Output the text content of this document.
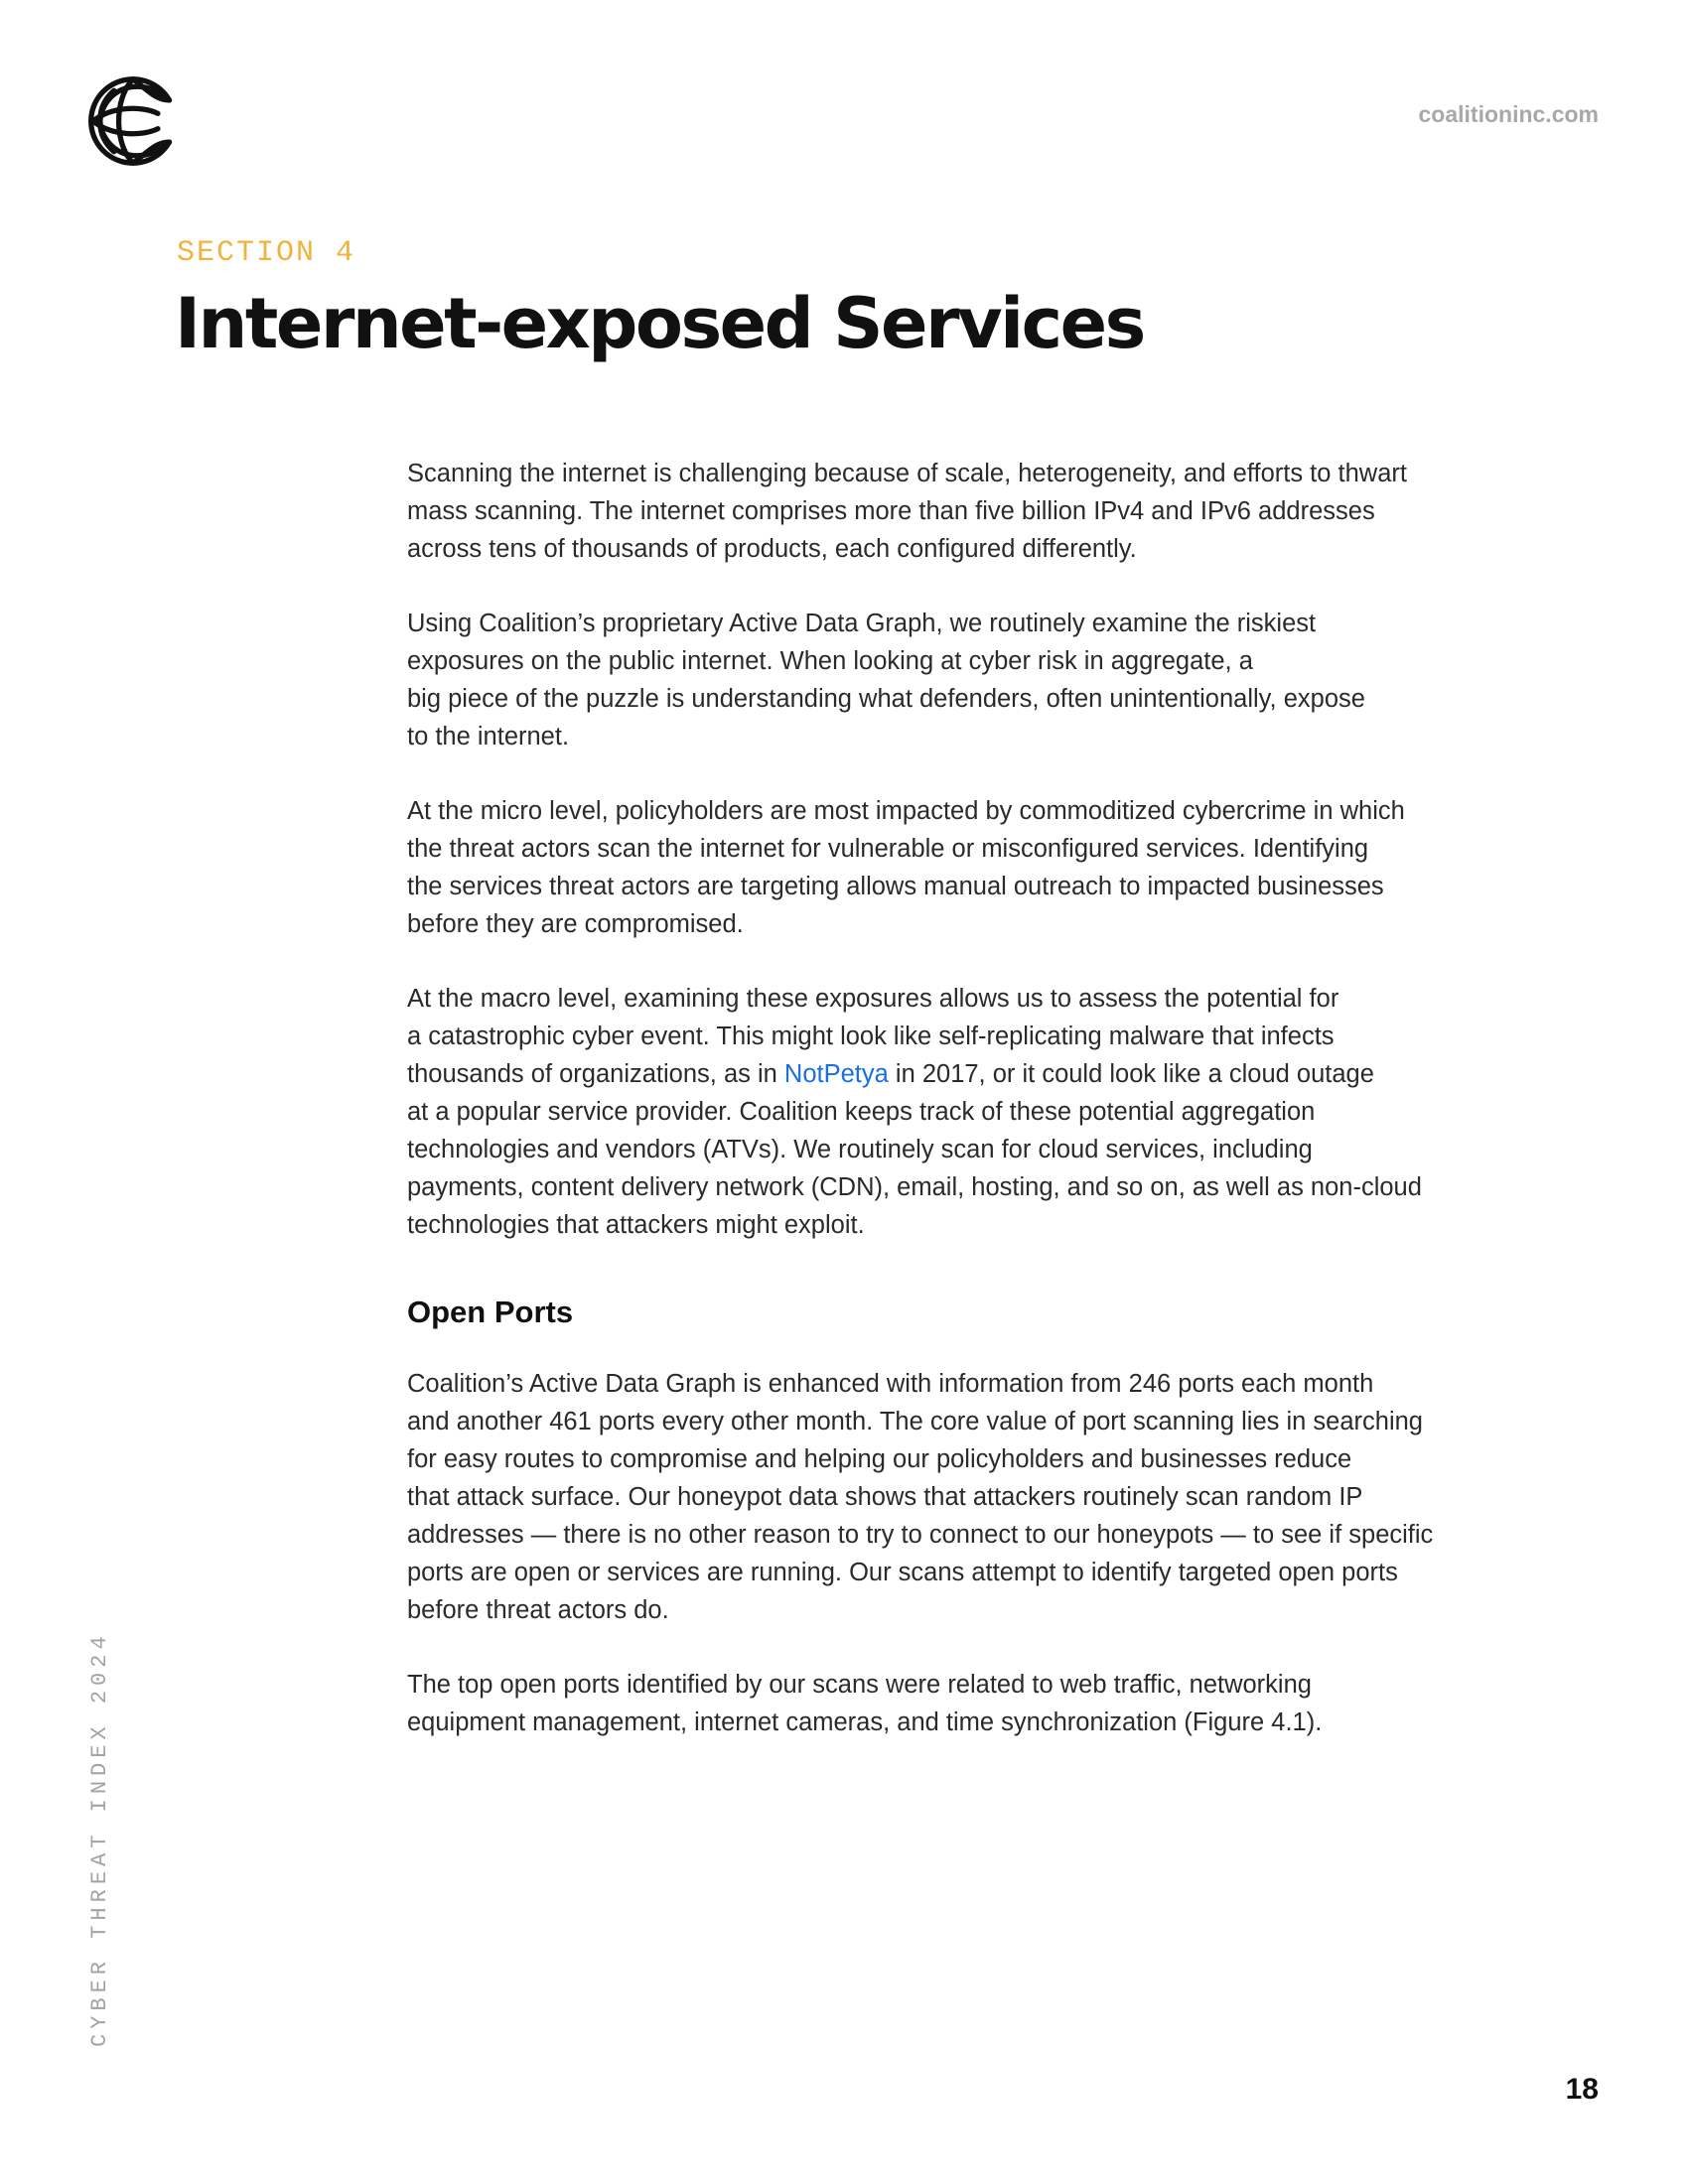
coalitioninc.com

SECTION 4

Internet-exposed Services

Scanning the internet is challenging because of scale, heterogeneity, and efforts to thwart
mass scanning. The internet comprises more than five billion IPv4 and IPv6 addresses
across tens of thousands of products, each configured differently.

Using Coalition’s proprietary Active Data Graph, we routinely examine the riskiest
exposures on the public internet. When looking at cyber risk in aggregate, a
big piece of the puzzle is understanding what defenders, often unintentionally, expose
to the internet.

At the micro level, policyholders are most impacted by commoditized cybercrime in which
the threat actors scan the internet for vulnerable or misconfigured services. Identifying
the services threat actors are targeting allows manual outreach to impacted businesses
before they are compromised.

At the macro level, examining these exposures allows us to assess the potential for
a catastrophic cyber event. This might look like self-replicating malware that infects
thousands of organizations, as in NotPetya in 2017, or it could look like a cloud outage
at a popular service provider. Coalition keeps track of these potential aggregation
technologies and vendors (ATVs). We routinely scan for cloud services, including
payments, content delivery network (CDN), email, hosting, and so on, as well as non-cloud
technologies that attackers might exploit.

Open Ports

Coalition’s Active Data Graph is enhanced with information from 246 ports each month
and another 461 ports every other month. The core value of port scanning lies in searching
for easy routes to compromise and helping our policyholders and businesses reduce
that attack surface. Our honeypot data shows that attackers routinely scan random IP
addresses — there is no other reason to try to connect to our honeypots — to see if specific
ports are open or services are running. Our scans attempt to identify targeted open ports
before threat actors do.

The top open ports identified by our scans were related to web traffic, networking
equipment management, internet cameras, and time synchronization (Figure 4.1).

CYBER THREAT INDEX 2024
18
